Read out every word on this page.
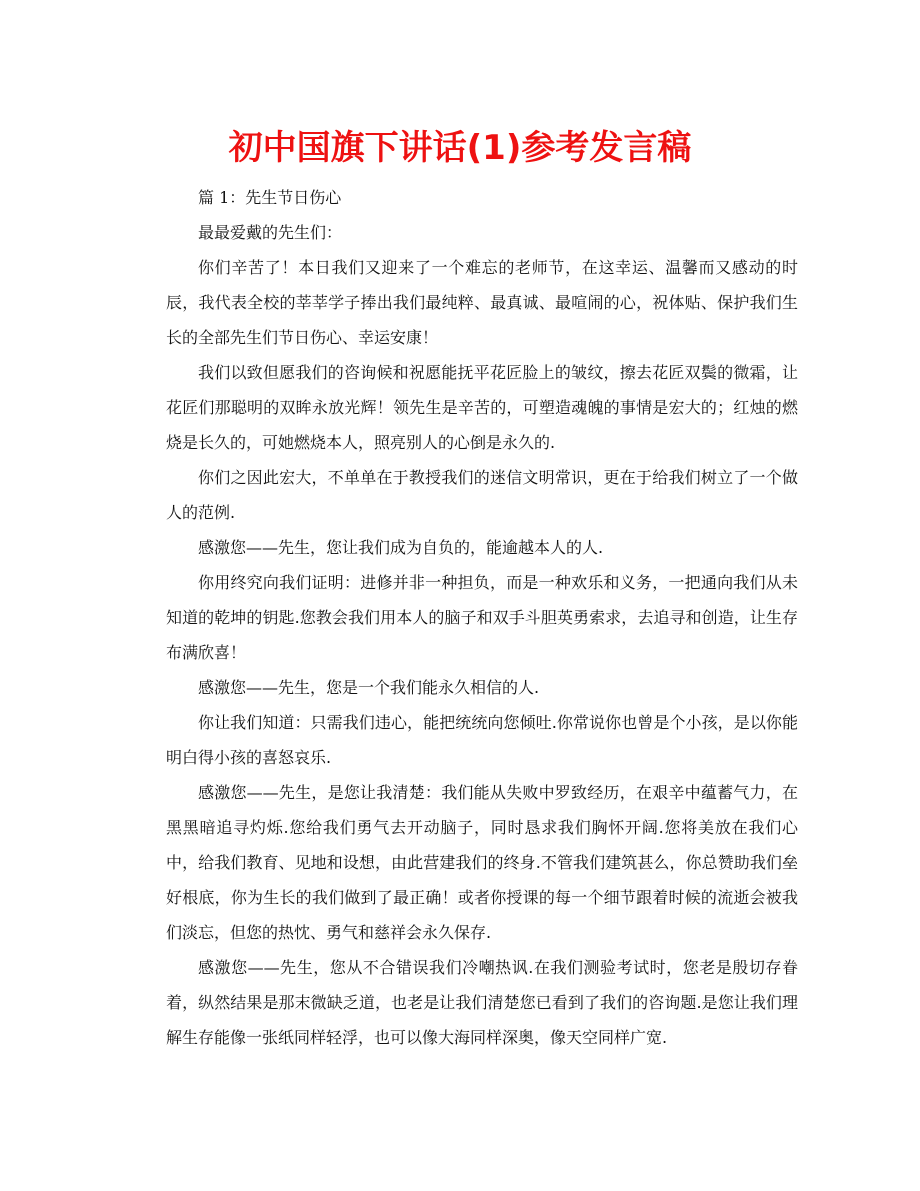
初中国旗下讲话(1)参考发言稿

篇 1：先生节日伤心

最最爱戴的先生们：

你们辛苦了！本日我们又迎来了一个难忘的老师节，在这幸运、温馨而又感动的时辰，我代表全校的莘莘学子捧出我们最纯粹、最真诚、最喧闹的心，祝体贴、保护我们生长的全部先生们节日伤心、幸运安康！

我们以致但愿我们的咨询候和祝愿能抚平花匠脸上的皱纹，擦去花匠双鬓的微霜，让花匠们那聪明的双眸永放光辉！领先生是辛苦的，可塑造魂魄的事情是宏大的；红烛的燃烧是长久的，可她燃烧本人，照亮别人的心倒是永久的.

你们之因此宏大，不单单在于教授我们的迷信文明常识，更在于给我们树立了一个做人的范例.

感激您——先生，您让我们成为自负的，能逾越本人的人.

你用终究向我们证明：进修并非一种担负，而是一种欢乐和义务，一把通向我们从未知道的乾坤的钥匙.您教会我们用本人的脑子和双手斗胆英勇索求，去追寻和创造，让生存布满欣喜！

感激您——先生，您是一个我们能永久相信的人.

你让我们知道：只需我们违心，能把统统向您倾吐.你常说你也曾是个小孩，是以你能明白得小孩的喜怒哀乐.

感激您——先生，是您让我清楚：我们能从失败中罗致经历，在艰辛中蕴蓄气力，在黑黑暗追寻灼烁.您给我们勇气去开动脑子，同时恳求我们胸怀开阔.您将美放在我们心中，给我们教育、见地和设想，由此营建我们的终身.不管我们建筑甚么，你总赞助我们垒好根底，你为生长的我们做到了最正确！或者你授课的每一个细节跟着时候的流逝会被我们淡忘，但您的热忱、勇气和慈祥会永久保存.

感激您——先生，您从不合错误我们冷嘲热讽.在我们测验考试时，您老是殷切存眷着，纵然结果是那末微缺乏道，也老是让我们清楚您已看到了我们的咨询题.是您让我们理解生存能像一张纸同样轻浮，也可以像大海同样深奥，像天空同样广宽.
